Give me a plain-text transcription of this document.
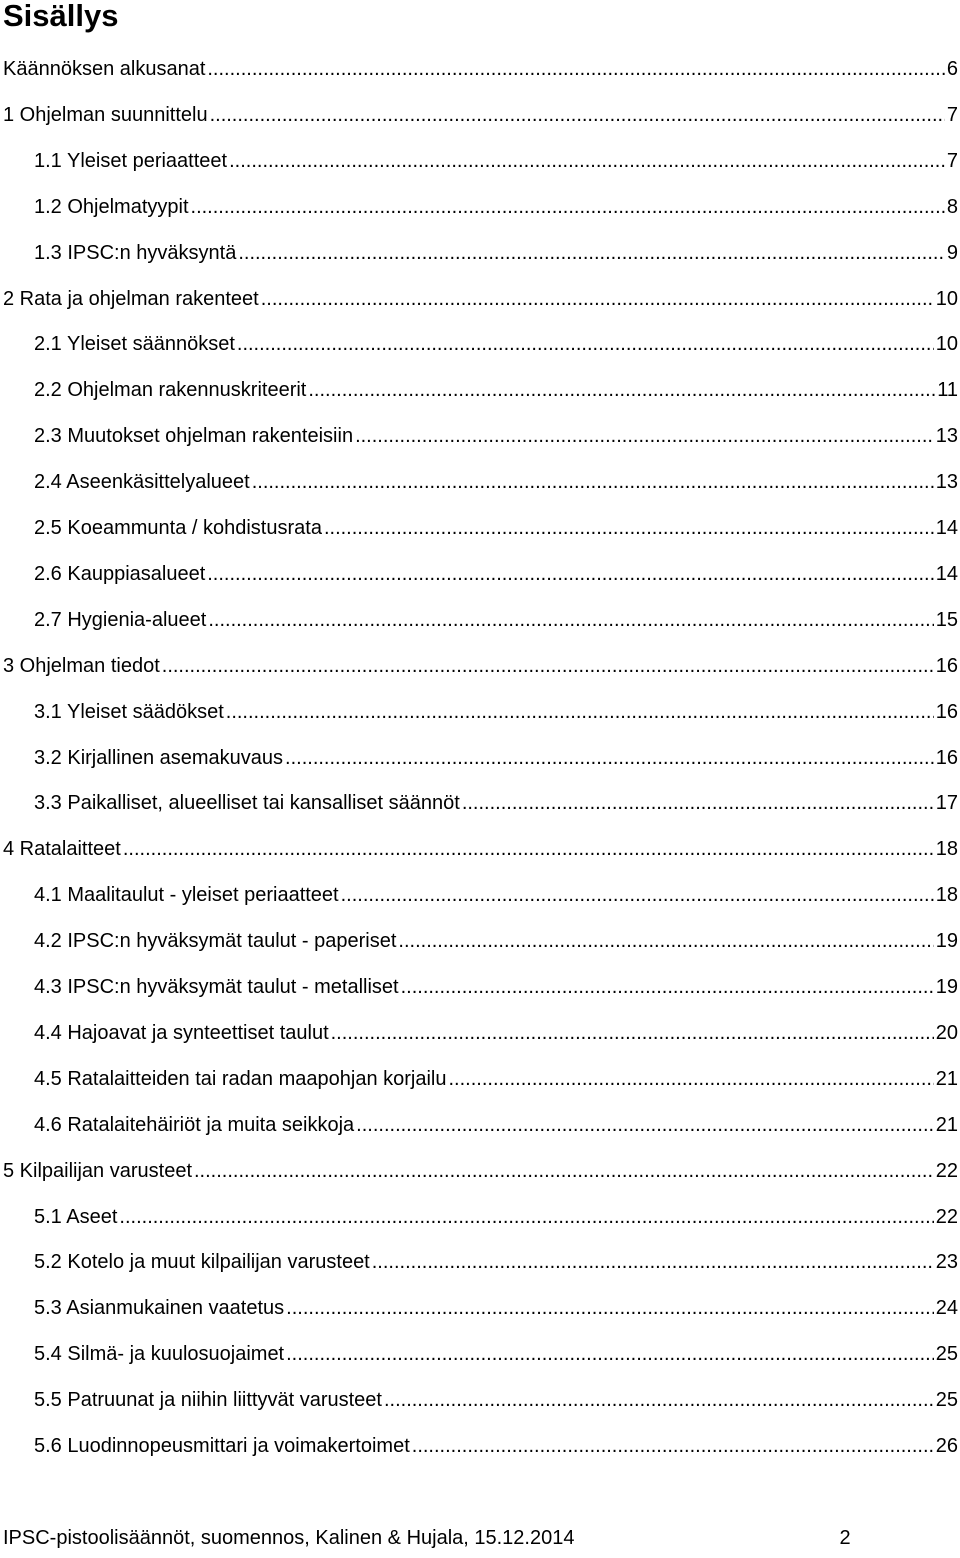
Sisällys
Käännöksen alkusanat .....	6
1 Ohjelman suunnittelu .....	7
1.1 Yleiset periaatteet .....	7
1.2 Ohjelmatyypit .....	8
1.3 IPSC:n hyväksyntä .....	9
2 Rata ja ohjelman rakenteet .....	10
2.1 Yleiset säännökset .....	10
2.2 Ohjelman rakennuskriteerit .....	11
2.3 Muutokset ohjelman rakenteisiin .....	13
2.4 Aseenkäsittelyalueet .....	13
2.5 Koeammunta / kohdistusrata .....	14
2.6 Kauppiasalueet .....	14
2.7 Hygienia-alueet .....	15
3 Ohjelman tiedot .....	16
3.1 Yleiset säädökset .....	16
3.2 Kirjallinen asemakuvaus .....	16
3.3 Paikalliset, alueelliset tai kansalliset säännöt .....	17
4 Ratalaitteet .....	18
4.1 Maalitaulut - yleiset periaatteet .....	18
4.2 IPSC:n hyväksymät taulut - paperiset .....	19
4.3 IPSC:n hyväksymät taulut - metalliset .....	19
4.4 Hajoavat ja synteettiset taulut .....	20
4.5 Ratalaitteiden tai radan maapohjan korjailu .....	21
4.6 Ratalaitehäiriöt ja muita seikkoja .....	21
5 Kilpailijan varusteet .....	22
5.1 Aseet .....	22
5.2 Kotelo ja muut kilpailijan varusteet .....	23
5.3 Asianmukainen vaatetus .....	24
5.4 Silmä- ja kuulosuojaimet .....	25
5.5 Patruunat ja niihin liittyvät varusteet .....	25
5.6 Luodinnopeusmittari ja voimakertoimet .....	26
IPSC-pistoolisäännöt, suomennos, Kalinen & Hujala, 15.12.2014	2
